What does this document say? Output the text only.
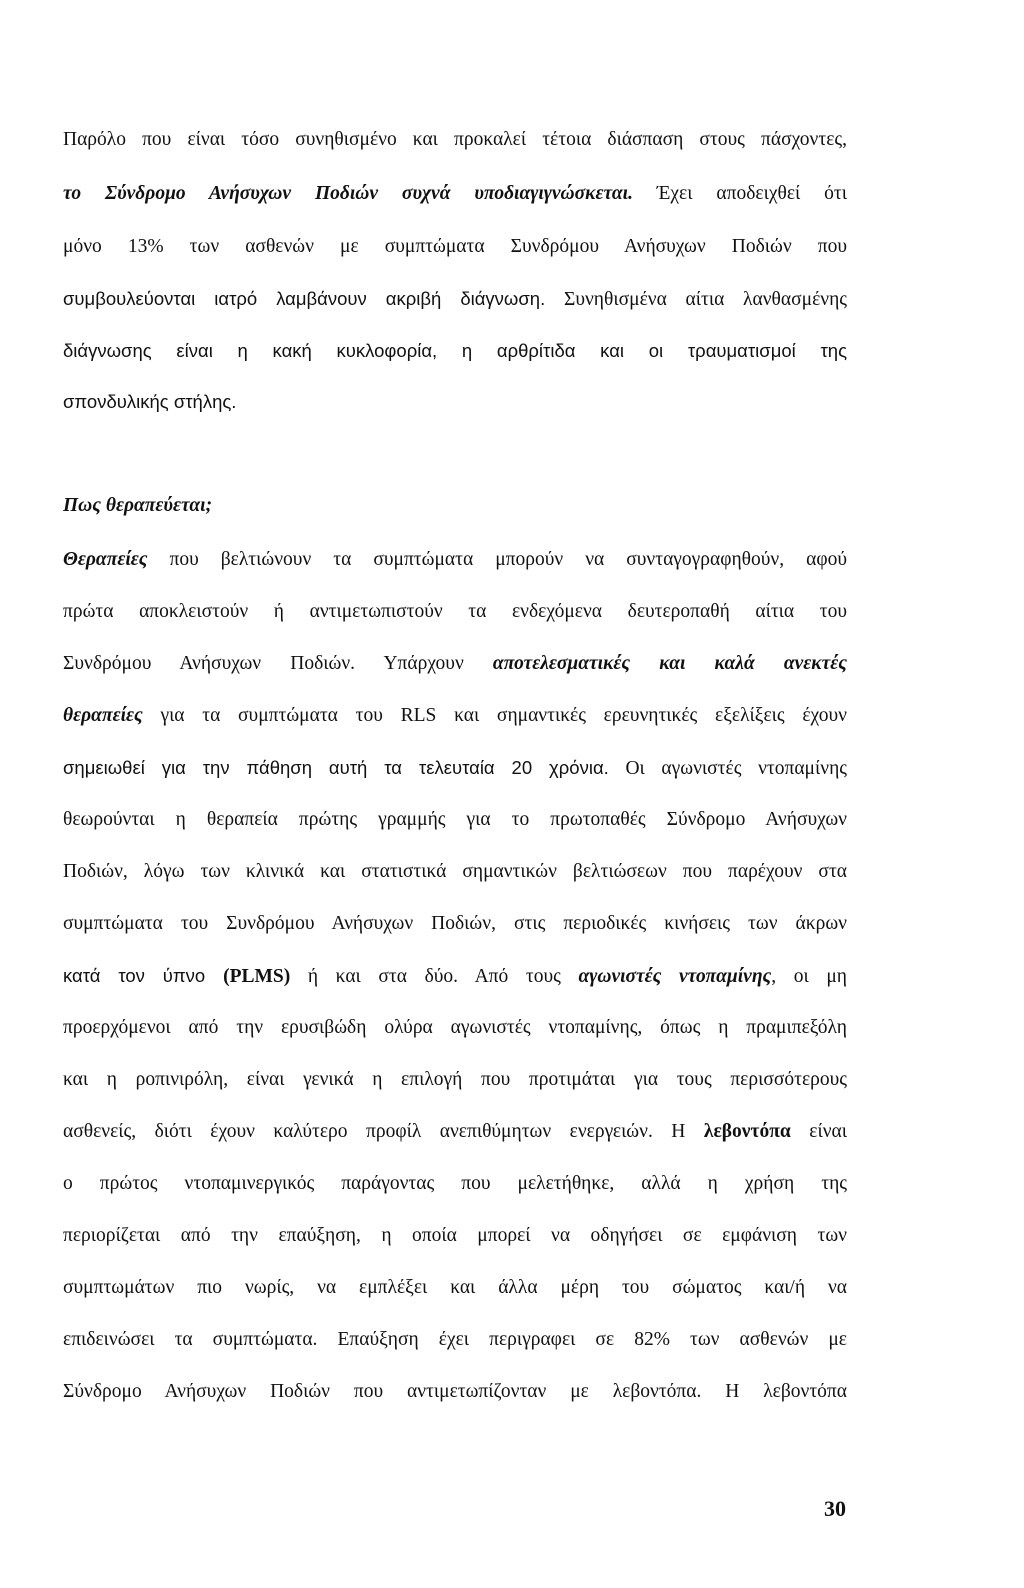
Παρόλο που είναι τόσο συνηθισμένο και προκαλεί τέτοια διάσπαση στους πάσχοντες,
το Σύνδρομο Ανήσυχων Ποδιών συχνά υποδιαγιγνώσκεται. Έχει αποδειχθεί ότι
μόνο 13% των ασθενών με συμπτώματα Συνδρόμου Ανήσυχων Ποδιών που
συμβουλεύονται ιατρό λαμβάνουν ακριβή διάγνωση. Συνηθισμένα αίτια λανθασμένης
διάγνωσης είναι η κακή κυκλοφορία, η αρθρίτιδα και οι τραυματισμοί της
σπονδυλικής στήλης.
Πως θεραπεύεται;
Θεραπείες που βελτιώνουν τα συμπτώματα μπορούν να συνταγογραφηθούν, αφού
πρώτα αποκλειστούν ή αντιμετωπιστούν τα ενδεχόμενα δευτεροπαθή αίτια του
Συνδρόμου Ανήσυχων Ποδιών. Υπάρχουν αποτελεσματικές και καλά ανεκτές
θεραπείες για τα συμπτώματα του RLS και σημαντικές ερευνητικές εξελίξεις έχουν
σημειωθεί για την πάθηση αυτή τα τελευταία 20 χρόνια. Οι αγωνιστές ντοπαμίνης
θεωρούνται η θεραπεία πρώτης γραμμής για το πρωτοπαθές Σύνδρομο Ανήσυχων
Ποδιών, λόγω των κλινικά και στατιστικά σημαντικών βελτιώσεων που παρέχουν στα
συμπτώματα του Συνδρόμου Ανήσυχων Ποδιών, στις περιοδικές κινήσεις των άκρων
κατά τον ύπνο (PLMS) ή και στα δύο. Από τους αγωνιστές ντοπαμίνης, οι μη
προερχόμενοι από την ερυσιβώδη ολύρα αγωνιστές ντοπαμίνης, όπως η πραμιπεξόλη
και η ροπινιρόλη, είναι γενικά η επιλογή που προτιμάται για τους περισσότερους
ασθενείς, διότι έχουν καλύτερο προφίλ ανεπιθύμητων ενεργειών. Η λεβοντόπα είναι
ο πρώτος ντοπαμινεργικός παράγοντας που μελετήθηκε, αλλά η χρήση της
περιορίζεται από την επαύξηση, η οποία μπορεί να οδηγήσει σε εμφάνιση των
συμπτωμάτων πιο νωρίς, να εμπλέξει και άλλα μέρη του σώματος και/ή να
επιδεινώσει τα συμπτώματα. Επαύξηση έχει περιγραφει σε 82% των ασθενών με
Σύνδρομο Ανήσυχων Ποδιών που αντιμετωπίζονταν με λεβοντόπα. Η λεβοντόπα
30
